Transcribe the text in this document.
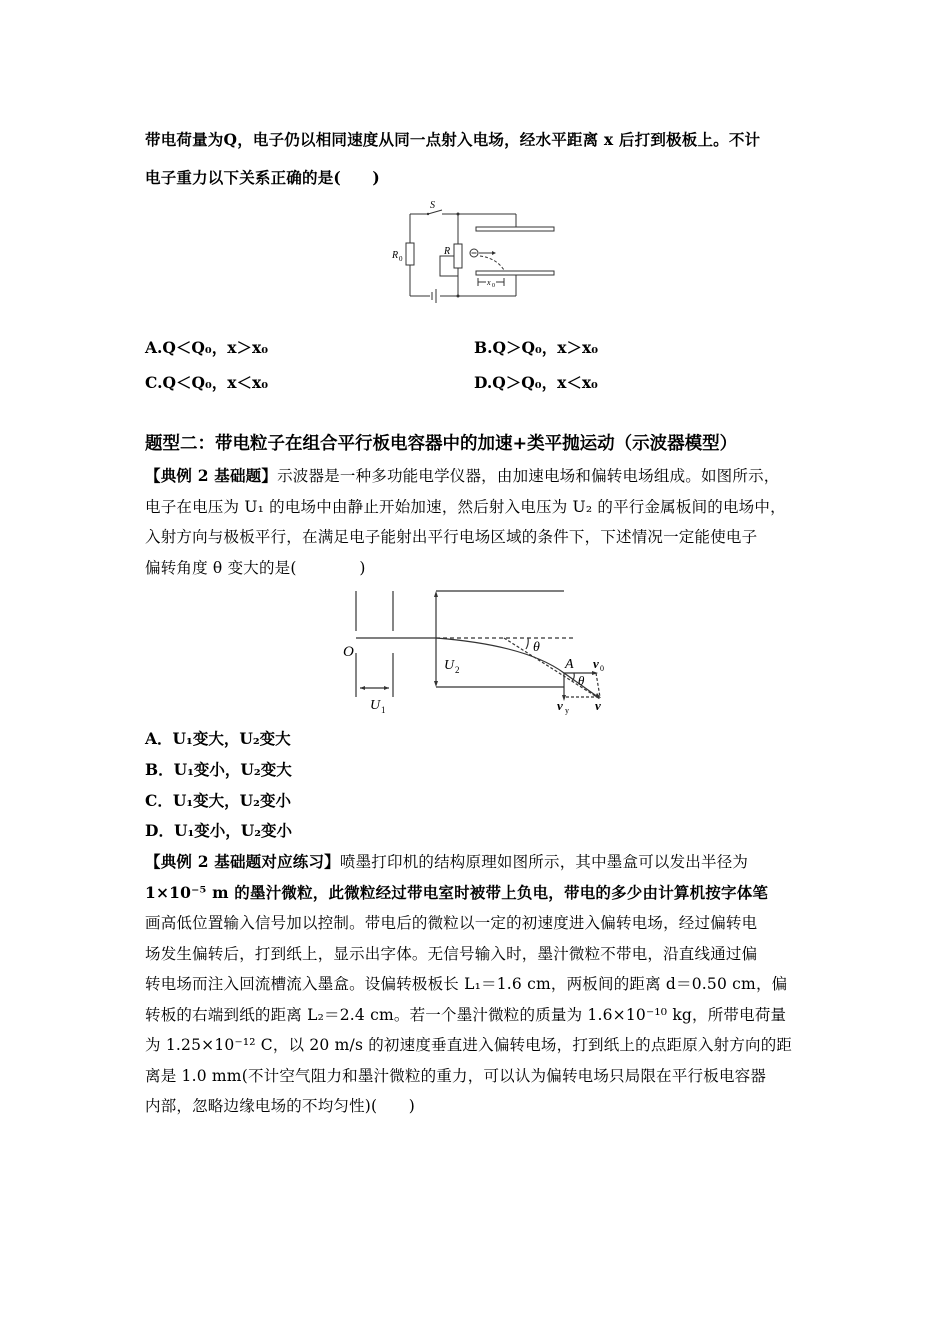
带电荷量为Q，电子仍以相同速度从同一点射入电场，经水平距离 x 后打到极板上。不计
电子重力以下关系正确的是(　　)
S
R 0
R
x 0
A.Q＜Q₀，x＞x₀	B.Q＞Q₀，x＞x₀
C.Q＜Q₀，x＜x₀	D.Q＞Q₀，x＜x₀
题型二：带电粒子在组合平行板电容器中的加速+类平抛运动（示波器模型）
【典例 2 基础题】示波器是一种多功能电学仪器，由加速电场和偏转电场组成。如图所示，
电子在电压为 U₁ 的电场中由静止开始加速，然后射入电压为 U₂ 的平行金属板间的电场中，
入射方向与极板平行，在满足电子能射出平行电场区域的条件下，下述情况一定能使电子
偏转角度 θ 变大的是(　　　　)
O
U 2
U 1
θ
θ
A v 0
v y v
A．U₁变大，U₂变大
B．U₁变小，U₂变大
C．U₁变大，U₂变小
D．U₁变小，U₂变小
【典例 2 基础题对应练习】喷墨打印机的结构原理如图所示，其中墨盒可以发出半径为
1×10⁻⁵ m 的墨汁微粒，此微粒经过带电室时被带上负电，带电的多少由计算机按字体笔
画高低位置输入信号加以控制。带电后的微粒以一定的初速度进入偏转电场，经过偏转电
场发生偏转后，打到纸上，显示出字体。无信号输入时，墨汁微粒不带电，沿直线通过偏
转电场而注入回流槽流入墨盒。设偏转极板长 L₁＝1.6 cm，两板间的距离 d＝0.50 cm，偏
转板的右端到纸的距离 L₂＝2.4 cm。若一个墨汁微粒的质量为 1.6×10⁻¹⁰ kg，所带电荷量
为 1.25×10⁻¹² C，以 20 m/s 的初速度垂直进入偏转电场，打到纸上的点距原入射方向的距
离是 1.0 mm(不计空气阻力和墨汁微粒的重力，可以认为偏转电场只局限在平行板电容器
内部，忽略边缘电场的不均匀性)(　　)
